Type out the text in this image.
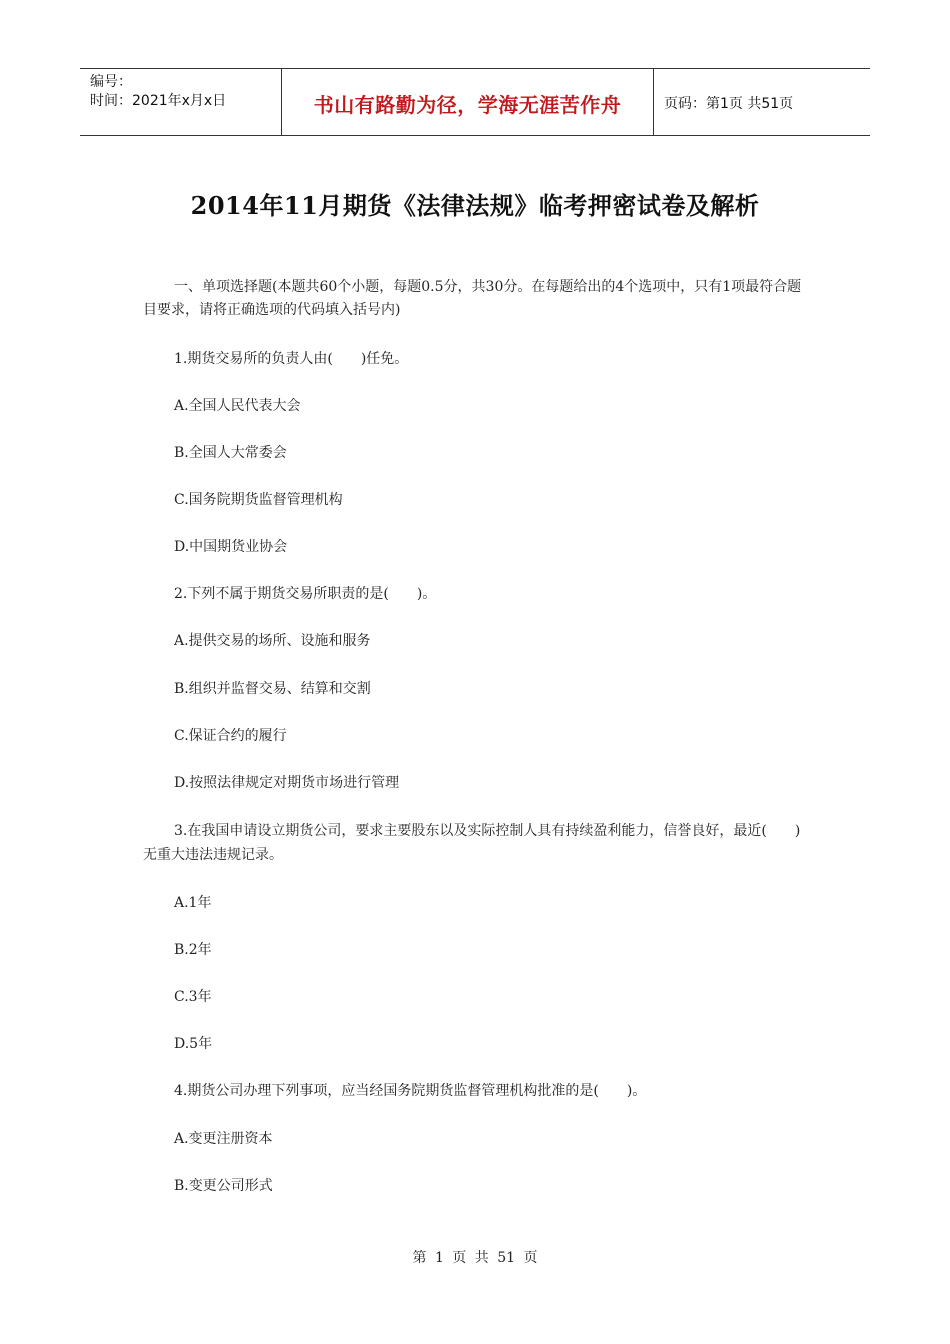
编号：
时间：2021年x月x日	书山有路勤为径，学海无涯苦作舟	页码：第1页 共51页
2014年11月期货《法律法规》临考押密试卷及解析

一、单项选择题(本题共60个小题，每题0.5分，共30分。在每题给出的4个选项中，只有1项最符合题目要求，请将正确选项的代码填入括号内)

1.期货交易所的负责人由(　　)任免。
A.全国人民代表大会
B.全国人大常委会
C.国务院期货监督管理机构
D.中国期货业协会
2.下列不属于期货交易所职责的是(　　)。
A.提供交易的场所、设施和服务
B.组织并监督交易、结算和交割
C.保证合约的履行
D.按照法律规定对期货市场进行管理

3.在我国申请设立期货公司，要求主要股东以及实际控制人具有持续盈利能力，信誉良好，最近(　　)无重大违法违规记录。

A.1年
B.2年
C.3年
D.5年
4.期货公司办理下列事项，应当经国务院期货监督管理机构批准的是(　　)。
A.变更注册资本
B.变更公司形式
第 1 页 共 51 页
